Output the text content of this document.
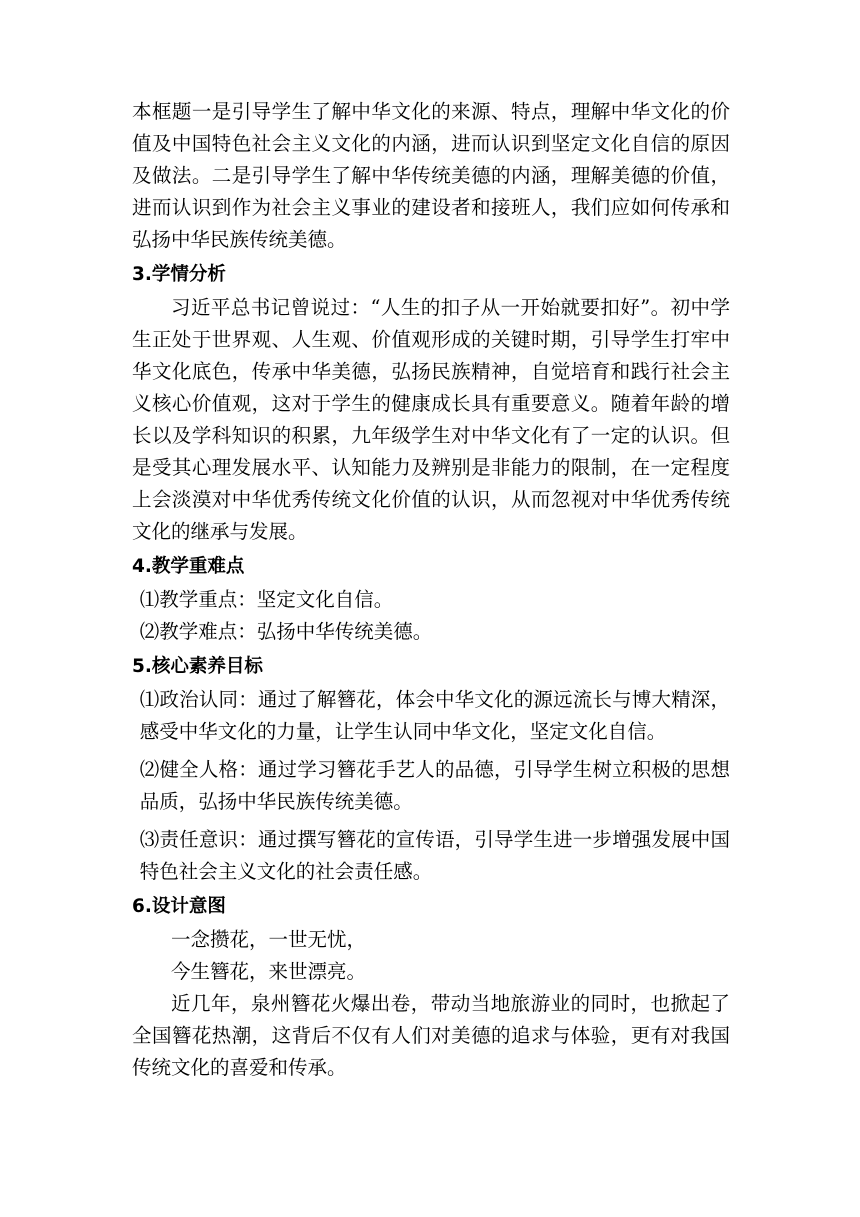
本框题一是引导学生了解中华文化的来源、特点，理解中华文化的价值及中国特色社会主义文化的内涵，进而认识到坚定文化自信的原因及做法。二是引导学生了解中华传统美德的内涵，理解美德的价值，进而认识到作为社会主义事业的建设者和接班人，我们应如何传承和弘扬中华民族传统美德。

3.学情分析

习近平总书记曾说过：“人生的扣子从一开始就要扣好”。初中学生正处于世界观、人生观、价值观形成的关键时期，引导学生打牢中华文化底色，传承中华美德，弘扬民族精神，自觉培育和践行社会主义核心价值观，这对于学生的健康成长具有重要意义。随着年龄的增长以及学科知识的积累，九年级学生对中华文化有了一定的认识。但是受其心理发展水平、认知能力及辨别是非能力的限制，在一定程度上会淡漠对中华优秀传统文化价值的认识，从而忽视对中华优秀传统文化的继承与发展。

4.教学重难点

⑴教学重点：坚定文化自信。

⑵教学难点：弘扬中华传统美德。

5.核心素养目标

⑴政治认同：通过了解簪花，体会中华文化的源远流长与博大精深，感受中华文化的力量，让学生认同中华文化，坚定文化自信。

⑵健全人格：通过学习簪花手艺人的品德，引导学生树立积极的思想品质，弘扬中华民族传统美德。

⑶责任意识：通过撰写簪花的宣传语，引导学生进一步增强发展中国特色社会主义文化的社会责任感。

6.设计意图

一念攒花，一世无忧，

今生簪花，来世漂亮。

近几年，泉州簪花火爆出卷，带动当地旅游业的同时，也掀起了全国簪花热潮，这背后不仅有人们对美德的追求与体验，更有对我国传统文化的喜爱和传承。
